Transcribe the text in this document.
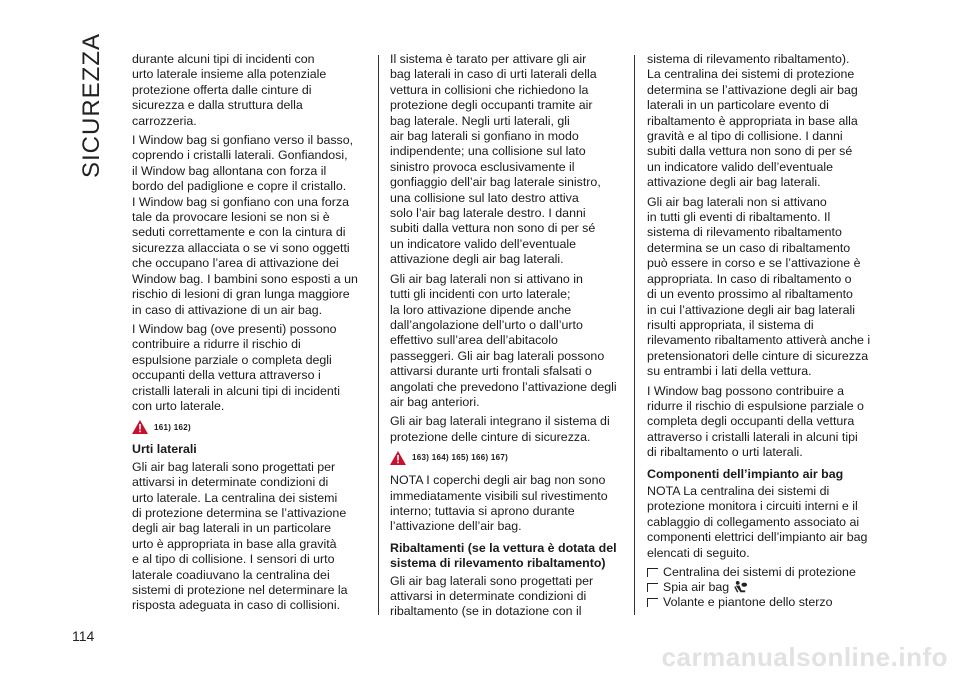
SICUREZZA
114

durante alcuni tipi di incidenti con
urto laterale insieme alla potenziale
protezione offerta dalle cinture di
sicurezza e dalla struttura della
carrozzeria.

I Window bag si gonfiano verso il basso,
coprendo i cristalli laterali. Gonfiandosi,
il Window bag allontana con forza il
bordo del padiglione e copre il cristallo.
I Window bag si gonfiano con una forza
tale da provocare lesioni se non si è
seduti correttamente e con la cintura di
sicurezza allacciata o se vi sono oggetti
che occupano l’area di attivazione dei
Window bag. I bambini sono esposti a un
rischio di lesioni di gran lunga maggiore
in caso di attivazione di un air bag.

I Window bag (ove presenti) possono
contribuire a ridurre il rischio di
espulsione parziale o completa degli
occupanti della vettura attraverso i
cristalli laterali in alcuni tipi di incidenti
con urto laterale.

161) 162)
Urti laterali

Gli air bag laterali sono progettati per
attivarsi in determinate condizioni di
urto laterale. La centralina dei sistemi
di protezione determina se l’attivazione
degli air bag laterali in un particolare
urto è appropriata in base alla gravità
e al tipo di collisione. I sensori di urto
laterale coadiuvano la centralina dei
sistemi di protezione nel determinare la
risposta adeguata in caso di collisioni.

Il sistema è tarato per attivare gli air
bag laterali in caso di urti laterali della
vettura in collisioni che richiedono la
protezione degli occupanti tramite air
bag laterale. Negli urti laterali, gli
air bag laterali si gonfiano in modo
indipendente; una collisione sul lato
sinistro provoca esclusivamente il
gonfiaggio dell’air bag laterale sinistro,
una collisione sul lato destro attiva
solo l’air bag laterale destro. I danni
subiti dalla vettura non sono di per sé
un indicatore valido dell’eventuale
attivazione degli air bag laterali.

Gli air bag laterali non si attivano in
tutti gli incidenti con urto laterale;
la loro attivazione dipende anche
dall’angolazione dell’urto o dall’urto
effettivo sull’area dell’abitacolo
passeggeri. Gli air bag laterali possono
attivarsi durante urti frontali sfalsati o
angolati che prevedono l’attivazione degli
air bag anteriori.

Gli air bag laterali integrano il sistema di
protezione delle cinture di sicurezza.

163) 164) 165) 166) 167)

NOTA I coperchi degli air bag non sono
immediatamente visibili sul rivestimento
interno; tuttavia si aprono durante
l’attivazione dell’air bag.

Ribaltamenti (se la vettura è dotata del
sistema di rilevamento ribaltamento)

Gli air bag laterali sono progettati per
attivarsi in determinate condizioni di
ribaltamento (se in dotazione con il

sistema di rilevamento ribaltamento).
La centralina dei sistemi di protezione
determina se l’attivazione degli air bag
laterali in un particolare evento di
ribaltamento è appropriata in base alla
gravità e al tipo di collisione. I danni
subiti dalla vettura non sono di per sé
un indicatore valido dell’eventuale
attivazione degli air bag laterali.

Gli air bag laterali non si attivano
in tutti gli eventi di ribaltamento. Il
sistema di rilevamento ribaltamento
determina se un caso di ribaltamento
può essere in corso e se l’attivazione è
appropriata. In caso di ribaltamento o
di un evento prossimo al ribaltamento
in cui l’attivazione degli air bag laterali
risulti appropriata, il sistema di
rilevamento ribaltamento attiverà anche i
pretensionatori delle cinture di sicurezza
su entrambi i lati della vettura.

I Window bag possono contribuire a
ridurre il rischio di espulsione parziale o
completa degli occupanti della vettura
attraverso i cristalli laterali in alcuni tipi
di ribaltamento o urti laterali.

Componenti dell’impianto air bag

NOTA La centralina dei sistemi di
protezione monitora i circuiti interni e il
cablaggio di collegamento associato ai
componenti elettrici dell’impianto air bag
elencati di seguito.

Centralina dei sistemi di protezione
Spia air bag
Volante e piantone dello sterzo
carmanualsonline.info
